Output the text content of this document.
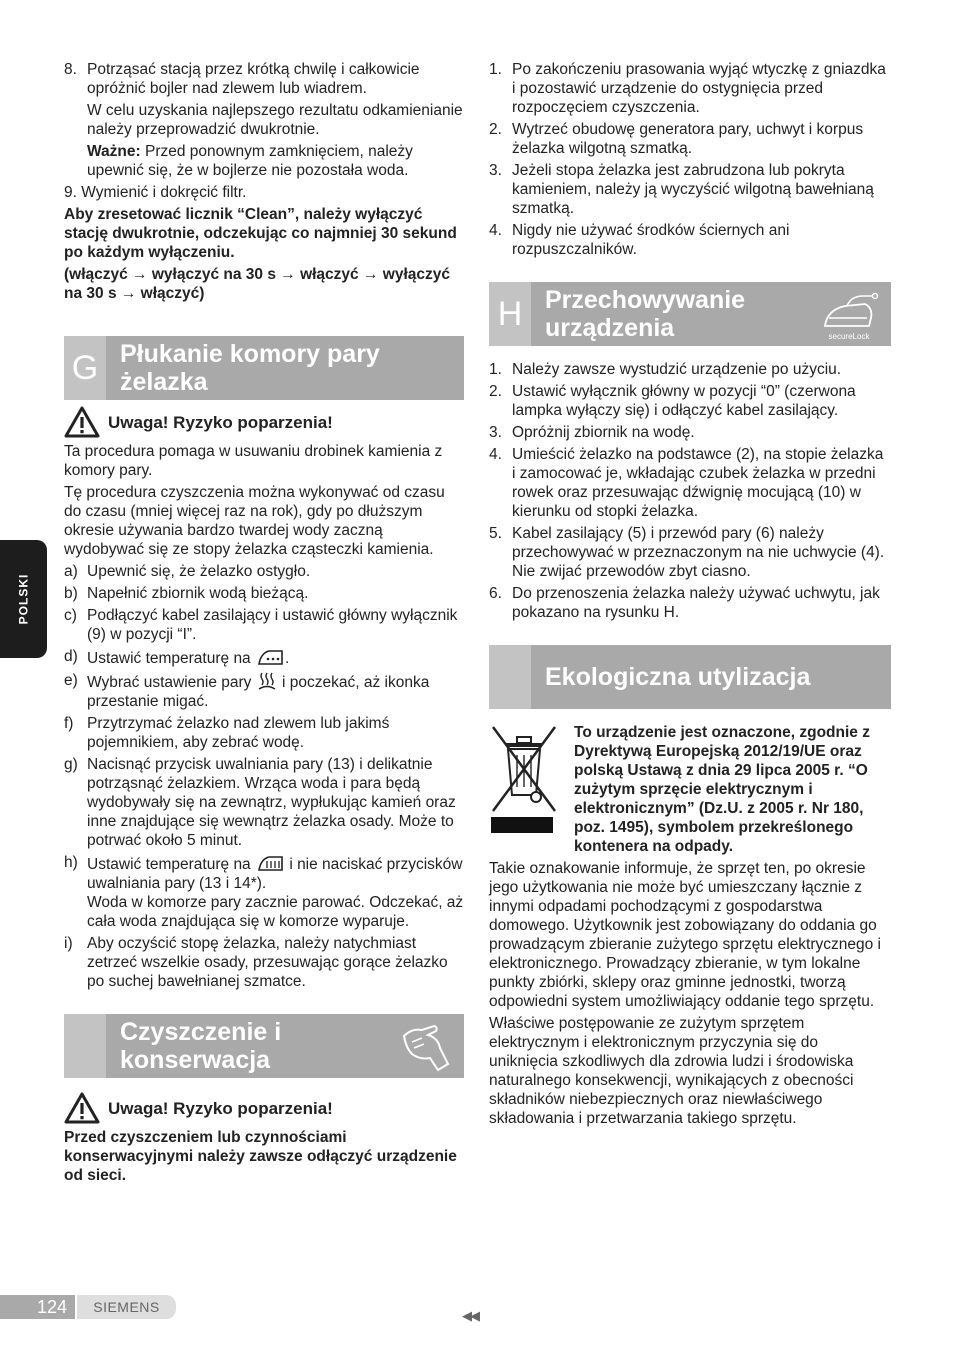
POLSKI
8. Potrząsać stacją przez krótką chwilę i całkowicie opróżnić bojler nad zlewem lub wiadrem.

W celu uzyskania najlepszego rezultatu odkamienianie należy przeprowadzić dwukrotnie.

Ważne: Przed ponownym zamknięciem, należy upewnić się, że w bojlerze nie pozostała woda.

9. Wymienić i dokręcić filtr.

Aby zresetować licznik “Clean”, należy wyłączyć stację dwukrotnie, odczekując co najmniej 30 sekund po każdym wyłączeniu.

(włączyć → wyłączyć na 30 s → włączyć → wyłączyć na 30 s → włączyć)

G Płukanie komory pary żelazka
Uwaga! Ryzyko poparzenia!

Ta procedura pomaga w usuwaniu drobinek kamienia z komory pary.

Tę procedura czyszczenia można wykonywać od czasu do czasu (mniej więcej raz na rok), gdy po dłuższym okresie używania bardzo twardej wody zaczną wydobywać się ze stopy żelazka cząsteczki kamienia.

a) Upewnić się, że żelazko ostygło.
b) Napełnić zbiornik wodą bieżącą.
c) Podłączyć kabel zasilający i ustawić główny wyłącznik (9) w pozycji “I”.
d) Ustawić temperaturę na .
e) Wybrać ustawienie pary i poczekać, aż ikonka przestanie migać.
f) Przytrzymać żelazko nad zlewem lub jakimś pojemnikiem, aby zebrać wodę.
g) Nacisnąć przycisk uwalniania pary (13) i delikatnie potrząsnąć żelazkiem. Wrząca woda i para będą wydobywały się na zewnątrz, wypłukując kamień oraz inne znajdujące się wewnątrz żelazka osady. Może to potrwać około 5 minut.
h) Ustawić temperaturę na i nie naciskać przycisków uwalniania pary (13 i 14*).

Woda w komorze pary zacznie parować. Odczekać, aż cała woda znajdująca się w komorze wyparuje.

i) Aby oczyścić stopę żelazka, należy natychmiast zetrzeć wszelkie osady, przesuwając gorące żelazko po suchej bawełnianej szmatce.
Czyszczenie i konserwacja
Uwaga! Ryzyko poparzenia!

Przed czyszczeniem lub czynnościami konserwacyjnymi należy zawsze odłączyć urządzenie od sieci.

1. Po zakończeniu prasowania wyjąć wtyczkę z gniazdka i pozostawić urządzenie do ostygnięcia przed rozpoczęciem czyszczenia.
2. Wytrzeć obudowę generatora pary, uchwyt i korpus żelazka wilgotną szmatką.
3. Jeżeli stopa żelazka jest zabrudzona lub pokryta kamieniem, należy ją wyczyścić wilgotną bawełnianą szmatką.
4. Nigdy nie używać środków ściernych ani rozpuszczalników.
H Przechowywanie urządzenia	secureLock
1. Należy zawsze wystudzić urządzenie po użyciu.
2. Ustawić wyłącznik główny w pozycji “0” (czerwona lampka wyłączy się) i odłączyć kabel zasilający.
3. Opróżnij zbiornik na wodę.
4. Umieścić żelazko na podstawce (2), na stopie żelazka i zamocować je, wkładając czubek żelazka w przedni rowek oraz przesuwając dźwignię mocującą (10) w kierunku od stopki żelazka.
5. Kabel zasilający (5) i przewód pary (6) należy przechowywać w przeznaczonym na nie uchwycie (4). Nie zwijać przewodów zbyt ciasno.
6. Do przenoszenia żelazka należy używać uchwytu, jak pokazano na rysunku H.
Ekologiczna utylizacja

To urządzenie jest oznaczone, zgodnie z Dyrektywą Europejską 2012/19/UE oraz polską Ustawą z dnia 29 lipca 2005 r. “O zużytym sprzęcie elektrycznym i elektronicznym” (Dz.U. z 2005 r. Nr 180, poz. 1495), symbolem przekreślonego kontenera na odpady.

Takie oznakowanie informuje, że sprzęt ten, po okresie jego użytkowania nie może być umieszczany łącznie z innymi odpadami pochodzącymi z gospodarstwa domowego. Użytkownik jest zobowiązany do oddania go prowadzącym zbieranie zużytego sprzętu elektrycznego i elektronicznego. Prowadzący zbieranie, w tym lokalne punkty zbiórki, sklepy oraz gminne jednostki, tworzą odpowiedni system umożliwiający oddanie tego sprzętu.

Właściwe postępowanie ze zużytym sprzętem elektrycznym i elektronicznym przyczynia się do uniknięcia szkodliwych dla zdrowia ludzi i środowiska naturalnego konsekwencji, wynikających z obecności składników niebezpiecznych oraz niewłaściwego składowania i przetwarzania takiego sprzętu.

124	SIEMENS
◀◀
